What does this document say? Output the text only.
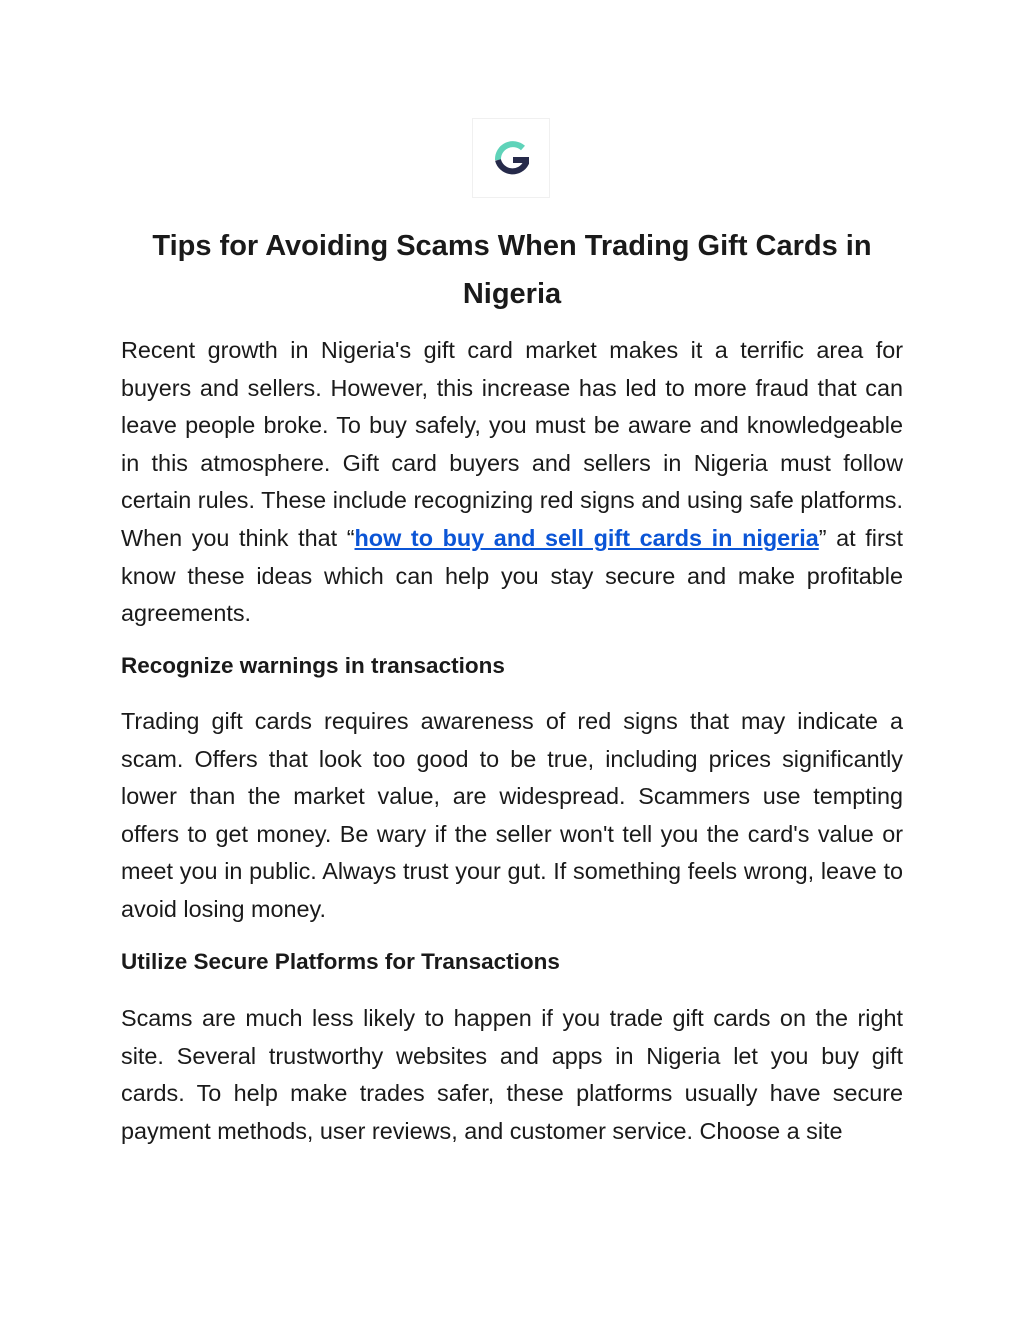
Tips for Avoiding Scams When Trading Gift Cards in Nigeria

Recent growth in Nigeria's gift card market makes it a terrific area for buyers and sellers. However, this increase has led to more fraud that can leave people broke. To buy safely, you must be aware and knowledgeable in this atmosphere. Gift card buyers and sellers in Nigeria must follow certain rules. These include recognizing red signs and using safe platforms. When you think that “how to buy and sell gift cards in nigeria” at first know these ideas which can help you stay secure and make profitable agreements.

Recognize warnings in transactions

Trading gift cards requires awareness of red signs that may indicate a scam. Offers that look too good to be true, including prices significantly lower than the market value, are widespread. Scammers use tempting offers to get money. Be wary if the seller won't tell you the card's value or meet you in public. Always trust your gut. If something feels wrong, leave to avoid losing money.

Utilize Secure Platforms for Transactions

Scams are much less likely to happen if you trade gift cards on the right site. Several trustworthy websites and apps in Nigeria let you buy gift cards. To help make trades safer, these platforms usually have secure payment methods, user reviews, and customer service. Choose a site
